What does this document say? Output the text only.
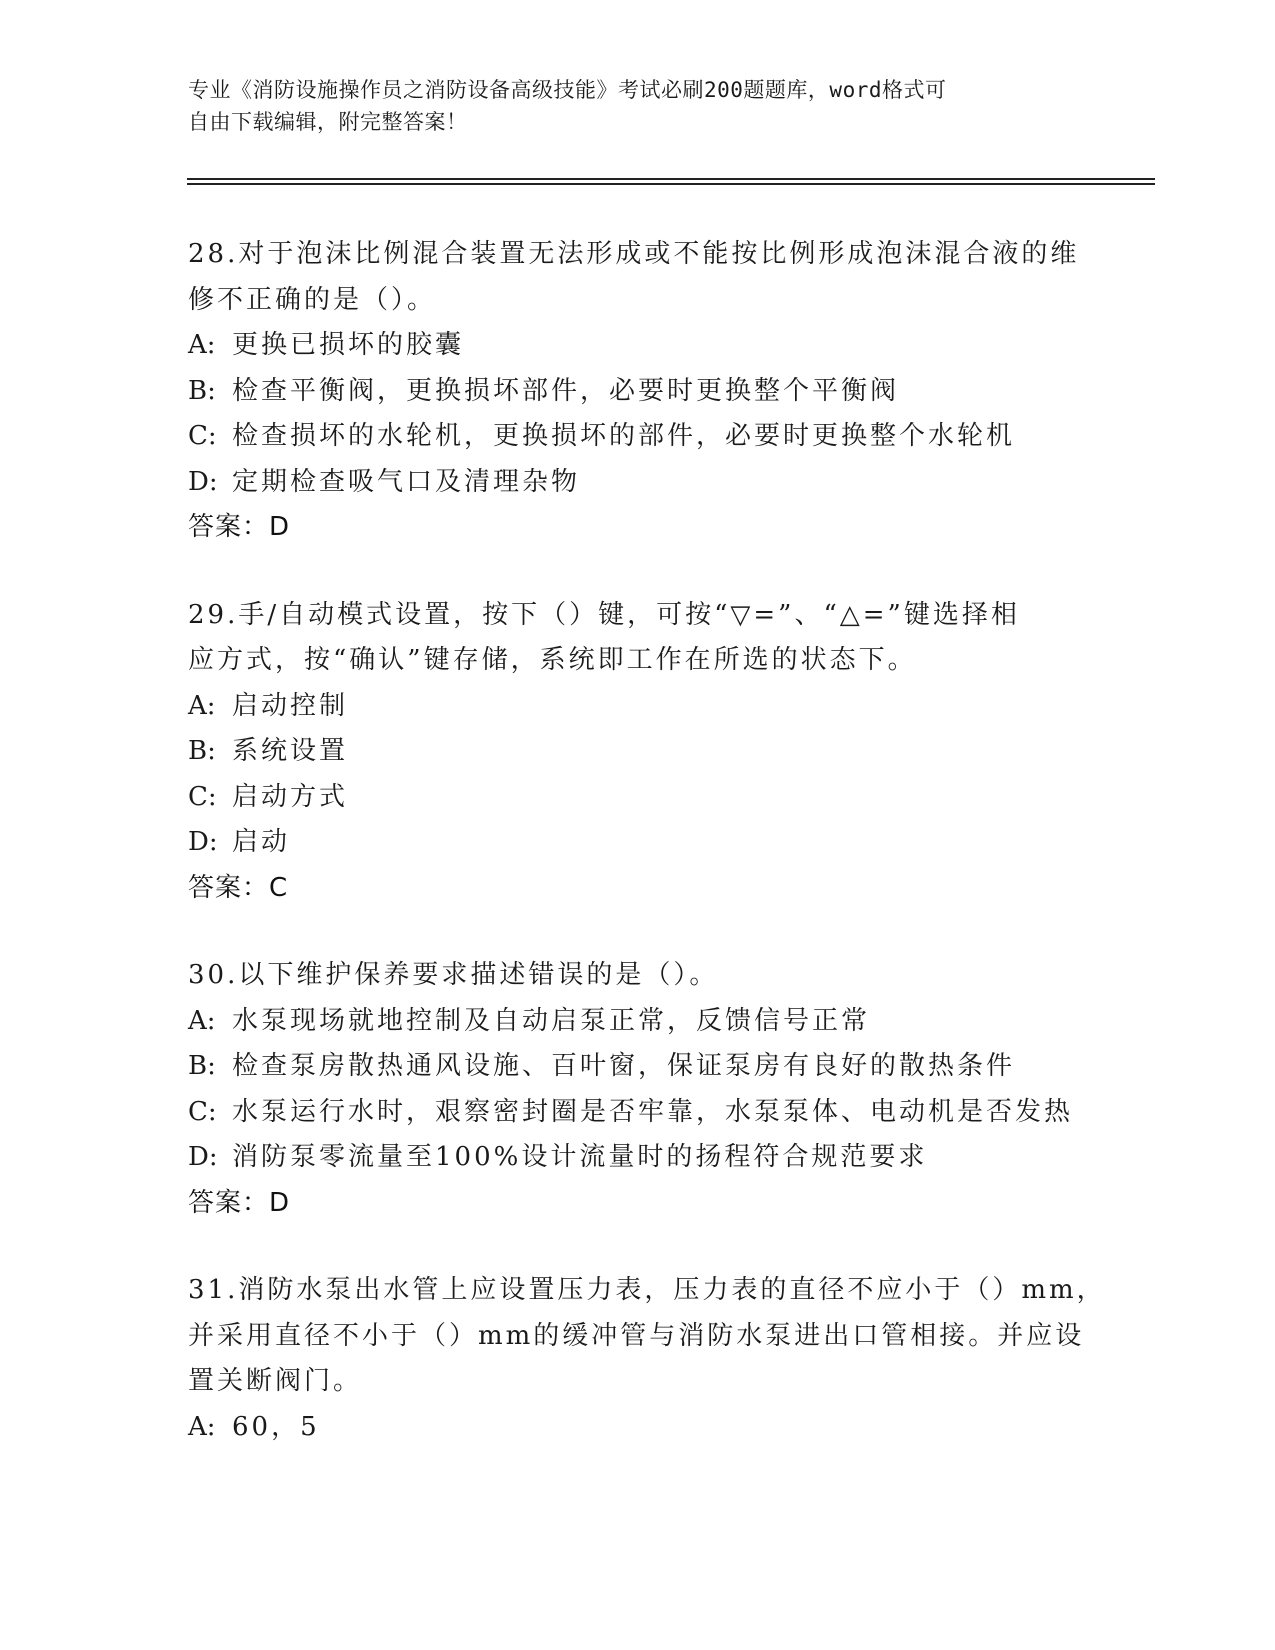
专业《消防设施操作员之消防设备高级技能》考试必刷200题题库，word格式可
自由下载编辑，附完整答案！
28.对于泡沫比例混合装置无法形成或不能按比例形成泡沫混合液的维
修不正确的是（）。
A: 更换已损坏的胶囊
B: 检查平衡阀，更换损坏部件，必要时更换整个平衡阀
C: 检查损坏的水轮机，更换损坏的部件，必要时更换整个水轮机
D: 定期检查吸气口及清理杂物
答案：D
29.手/自动模式设置，按下（）键，可按“▽=”、“△=”键选择相
应方式，按“确认”键存储，系统即工作在所选的状态下。
A: 启动控制
B: 系统设置
C: 启动方式
D: 启动
答案：C
30.以下维护保养要求描述错误的是（）。
A: 水泵现场就地控制及自动启泵正常，反馈信号正常
B: 检查泵房散热通风设施、百叶窗，保证泵房有良好的散热条件
C: 水泵运行水时，艰察密封圈是否牢靠，水泵泵体、电动机是否发热
D: 消防泵零流量至100%设计流量时的扬程符合规范要求
答案：D
31.消防水泵出水管上应设置压力表，压力表的直径不应小于（）mm，
并采用直径不小于（）mm的缓冲管与消防水泵进出口管相接。并应设
置关断阀门。
A: 60，5
